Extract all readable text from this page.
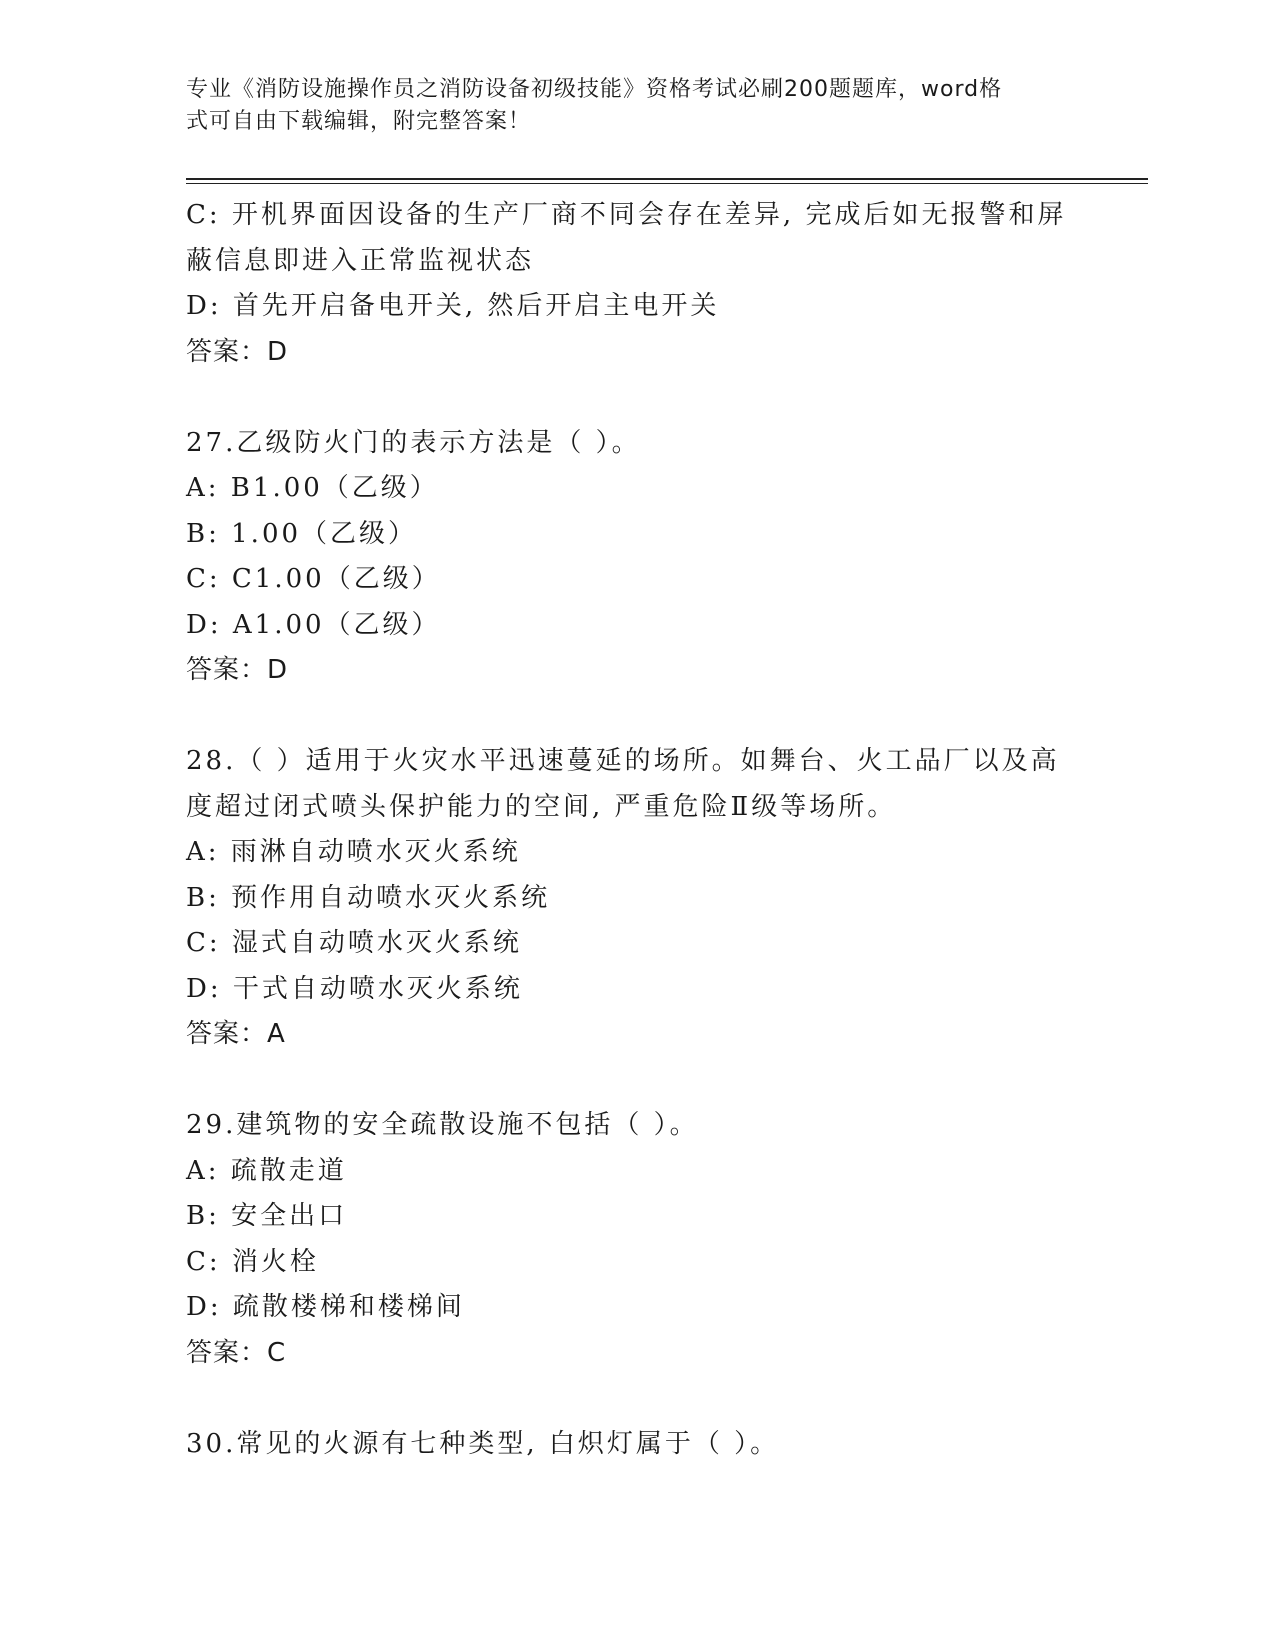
专业《消防设施操作员之消防设备初级技能》资格考试必刷200题题库，word格
式可自由下载编辑，附完整答案！
C: 开机界面因设备的生产厂商不同会存在差异, 完成后如无报警和屏
蔽信息即进入正常监视状态
D: 首先开启备电开关, 然后开启主电开关
答案：D
27.乙级防火门的表示方法是（ ）。
A: B1.00（乙级）
B: 1.00（乙级）
C: C1.00（乙级）
D: A1.00（乙级）
答案：D
28.（ ）适用于火灾水平迅速蔓延的场所。如舞台、火工品厂以及高
度超过闭式喷头保护能力的空间, 严重危险Ⅱ级等场所。
A: 雨淋自动喷水灭火系统
B: 预作用自动喷水灭火系统
C: 湿式自动喷水灭火系统
D: 干式自动喷水灭火系统
答案：A
29.建筑物的安全疏散设施不包括（ ）。
A: 疏散走道
B: 安全出口
C: 消火栓
D: 疏散楼梯和楼梯间
答案：C
30.常见的火源有七种类型, 白炽灯属于（ ）。
